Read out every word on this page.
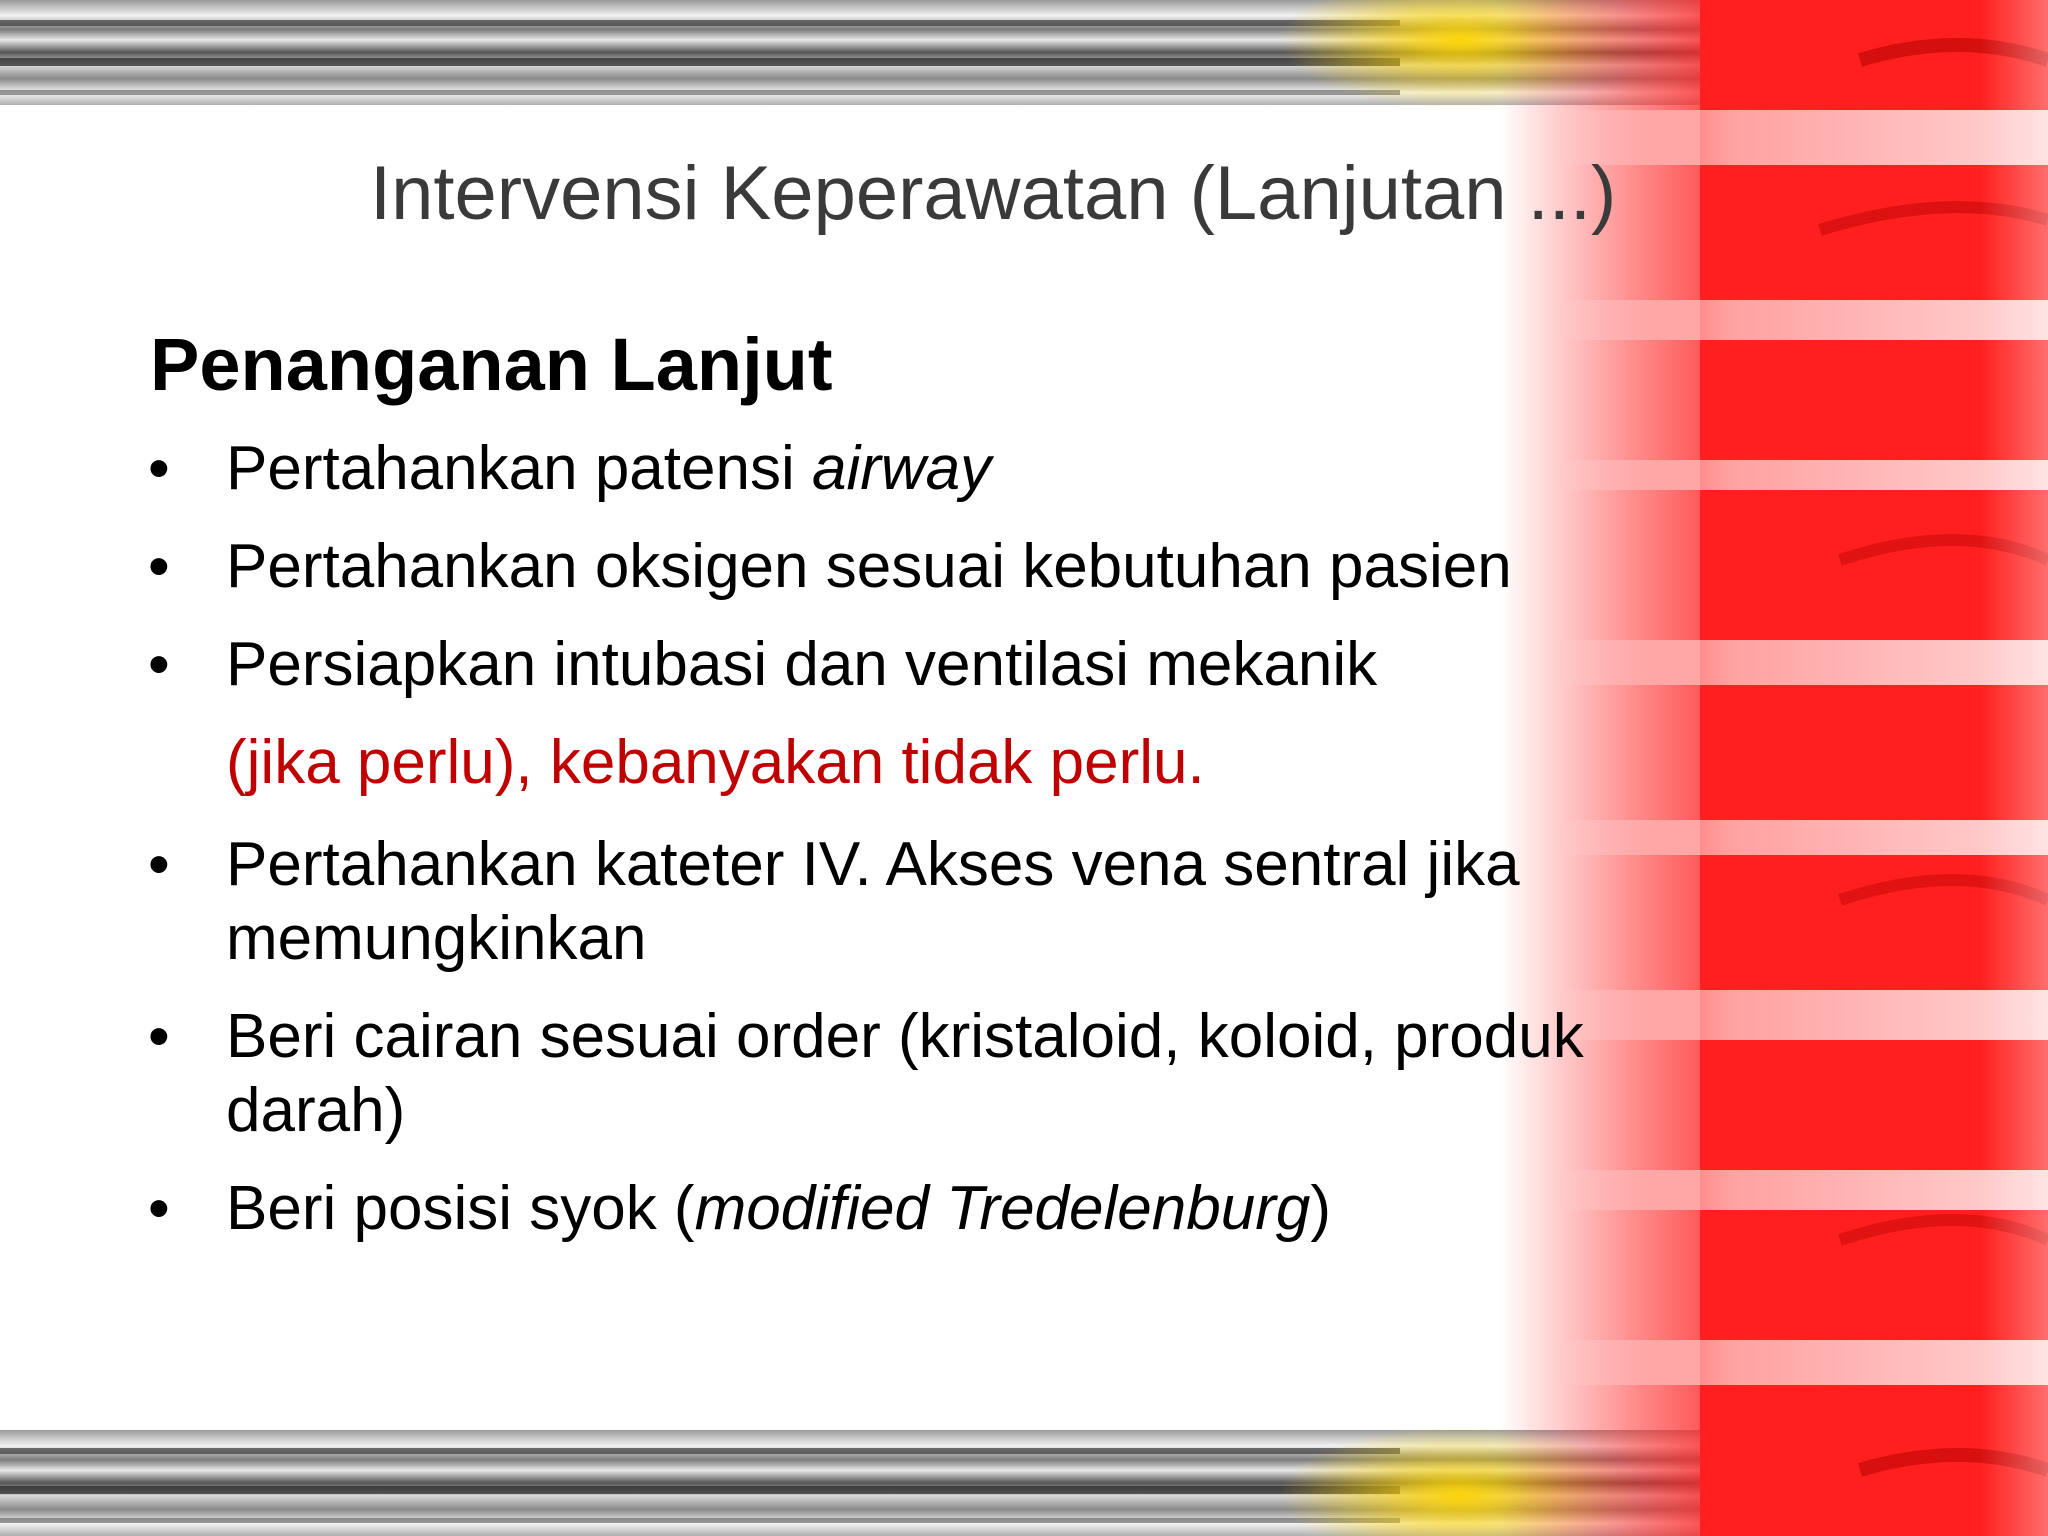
Intervensi Keperawatan (Lanjutan ...)
Penanganan Lanjut
• Pertahankan patensi airway
• Pertahankan oksigen sesuai kebutuhan pasien
• Persiapkan intubasi dan ventilasi mekanik
(jika perlu), kebanyakan tidak perlu.
• Pertahankan kateter IV. Akses vena sentral jika memungkinkan
• Beri cairan sesuai order (kristaloid, koloid, produk darah)
• Beri posisi syok (modified Tredelenburg)
